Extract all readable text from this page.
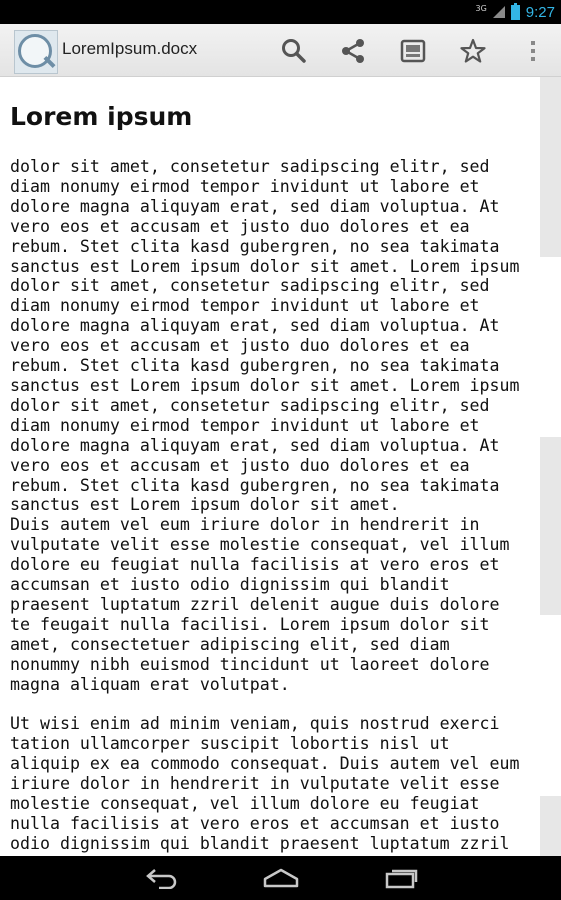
3G	9:27
LoremIpsum.docx
Lorem ipsum
dolor sit amet, consetetur sadipscing elitr, sed
diam nonumy eirmod tempor invidunt ut labore et
dolore magna aliquyam erat, sed diam voluptua. At
vero eos et accusam et justo duo dolores et ea
rebum. Stet clita kasd gubergren, no sea takimata
sanctus est Lorem ipsum dolor sit amet. Lorem ipsum
dolor sit amet, consetetur sadipscing elitr, sed
diam nonumy eirmod tempor invidunt ut labore et
dolore magna aliquyam erat, sed diam voluptua. At
vero eos et accusam et justo duo dolores et ea
rebum. Stet clita kasd gubergren, no sea takimata
sanctus est Lorem ipsum dolor sit amet. Lorem ipsum
dolor sit amet, consetetur sadipscing elitr, sed
diam nonumy eirmod tempor invidunt ut labore et
dolore magna aliquyam erat, sed diam voluptua. At
vero eos et accusam et justo duo dolores et ea
rebum. Stet clita kasd gubergren, no sea takimata
sanctus est Lorem ipsum dolor sit amet.
Duis autem vel eum iriure dolor in hendrerit in
vulputate velit esse molestie consequat, vel illum
dolore eu feugiat nulla facilisis at vero eros et
accumsan et iusto odio dignissim qui blandit
praesent luptatum zzril delenit augue duis dolore
te feugait nulla facilisi. Lorem ipsum dolor sit
amet, consectetuer adipiscing elit, sed diam
nonummy nibh euismod tincidunt ut laoreet dolore
magna aliquam erat volutpat.

Ut wisi enim ad minim veniam, quis nostrud exerci
tation ullamcorper suscipit lobortis nisl ut
aliquip ex ea commodo consequat. Duis autem vel eum
iriure dolor in hendrerit in vulputate velit esse
molestie consequat, vel illum dolore eu feugiat
nulla facilisis at vero eros et accumsan et iusto
odio dignissim qui blandit praesent luptatum zzril
